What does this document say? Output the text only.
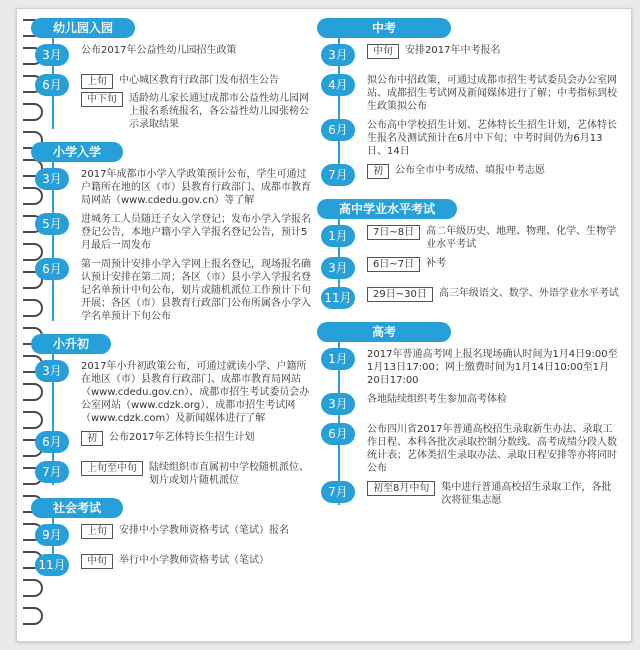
幼儿园入园
3月	公布2017年公益性幼儿园招生政策
6月	上旬	中心城区教育行政部门发布招生公告
中下旬	适龄幼儿家长通过成都市公益性幼儿园网上报名系统报名，各公益性幼儿园张榜公示录取结果
小学入学
3月	2017年成都市小学入学政策预计公布，学生可通过户籍所在地的区（市）县教育行政部门、成都市教育局网站（www.cdedu.gov.cn）等了解
5月	进城务工人员随迁子女入学登记；发布小学入学报名登记公告，本地户籍小学入学报名登记公告，预计5月最后一周发布
6月	第一周预计安排小学入学网上报名登记，现场报名确认预计安排在第二周；各区（市）县小学入学报名登记名单预计中旬公布，划片或随机派位工作预计下旬开展；各区（市）县教育行政部门公布所属各小学入学名单预计下旬公布
小升初
3月	2017年小升初政策公布，可通过就读小学、户籍所在地区（市）县教育行政部门、成都市教育局网站（www.cdedu.gov.cn）、成都市招生考试委员会办公室网站（www.cdzk.org）、成都市招生考试网（www.cdzk.com）及新闻媒体进行了解
6月	初	公布2017年艺体特长生招生计划
7月	上旬至中旬	陆续组织市直属初中学校随机派位、划片或划片随机派位
社会考试
9月	上旬	安排中小学教师资格考试（笔试）报名
11月	中旬	举行中小学教师资格考试（笔试）
中考
3月	中旬	安排2017年中考报名
4月	拟公布中招政策，可通过成都市招生考试委员会办公室网站、成都招生考试网及新闻媒体进行了解；中考指标到校生政策拟公布
6月	公布高中学校招生计划、艺体特长生招生计划，艺体特长生报名及测试预计在6月中下旬；中考时间仍为6月13日、14日
7月	初	公布全市中考成绩、填报中考志愿
高中学业水平考试
1月	7日~8日	高二年级历史、地理、物理、化学、生物学业水平考试
3月	6日~7日	补考
11月	29日~30日	高三年级语文、数学、外语学业水平考试
高考
1月	2017年普通高考网上报名现场确认时间为1月4日9:00至1月13日17:00；网上缴费时间为1月14日10:00至1月20日17:00
3月	各地陆续组织考生参加高考体检
6月	公布四川省2017年普通高校招生录取新生办法、录取工作日程、本科各批次录取控制分数线、高考成绩分段人数统计表；艺体类招生录取办法、录取日程安排等亦将同时公布
7月	初至8月中旬	集中进行普通高校招生录取工作，各批次将征集志愿
